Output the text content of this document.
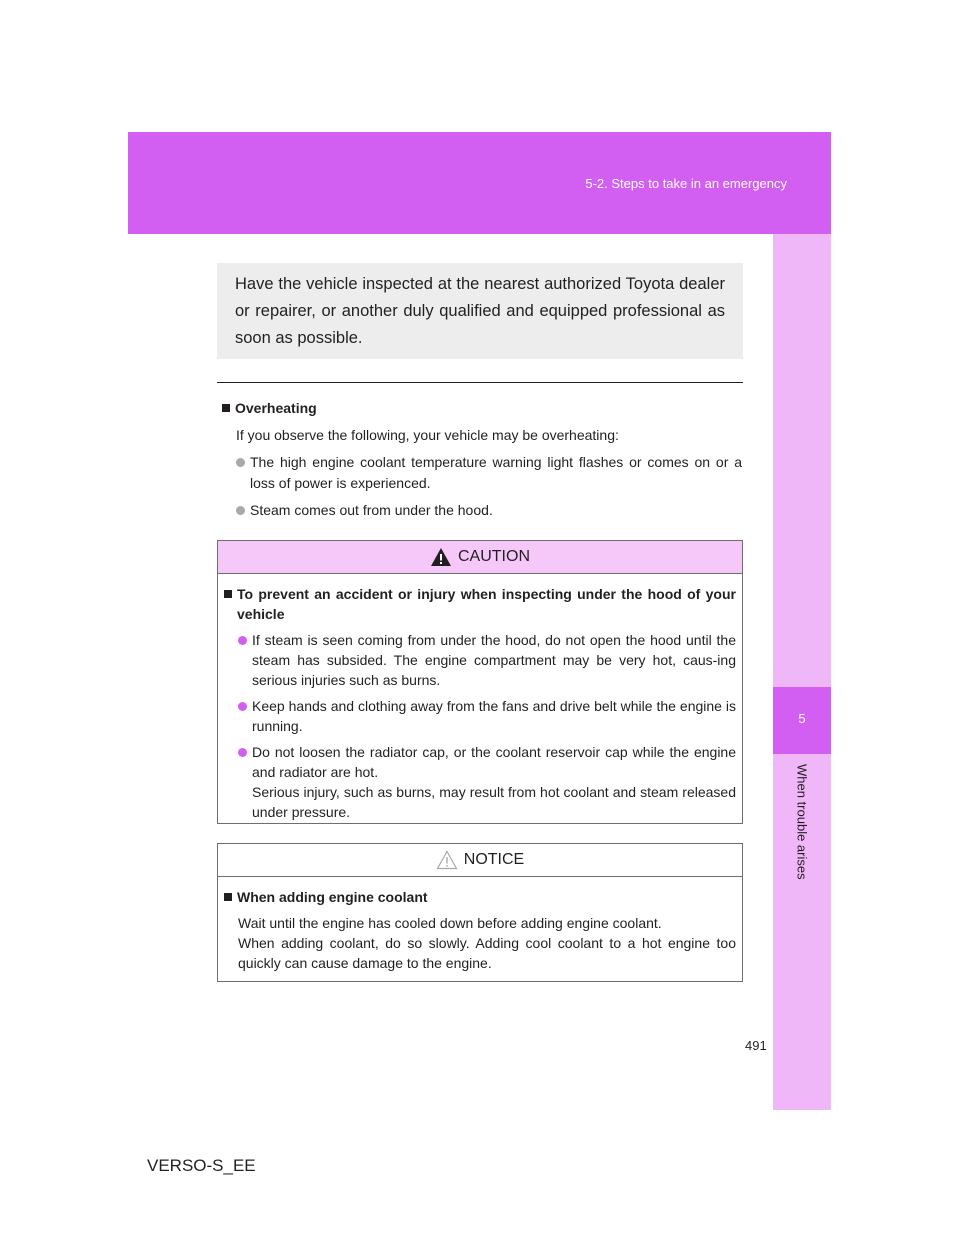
5-2. Steps to take in an emergency
5
When trouble arises
Have the vehicle inspected at the nearest authorized Toyota dealer or repairer, or another duly qualified and equipped professional as soon as possible.
Overheating
If you observe the following, your vehicle may be overheating:
The high engine coolant temperature warning light flashes or comes on or a loss of power is experienced.
Steam comes out from under the hood.
CAUTION
To prevent an accident or injury when inspecting under the hood of your vehicle
If steam is seen coming from under the hood, do not open the hood until the steam has subsided. The engine compartment may be very hot, caus-ing serious injuries such as burns.
Keep hands and clothing away from the fans and drive belt while the engine is running.
Do not loosen the radiator cap, or the coolant reservoir cap while the engine and radiator are hot.
Serious injury, such as burns, may result from hot coolant and steam released under pressure.
NOTICE
When adding engine coolant
Wait until the engine has cooled down before adding engine coolant.
When adding coolant, do so slowly. Adding cool coolant to a hot engine too quickly can cause damage to the engine.
491
VERSO-S_EE
